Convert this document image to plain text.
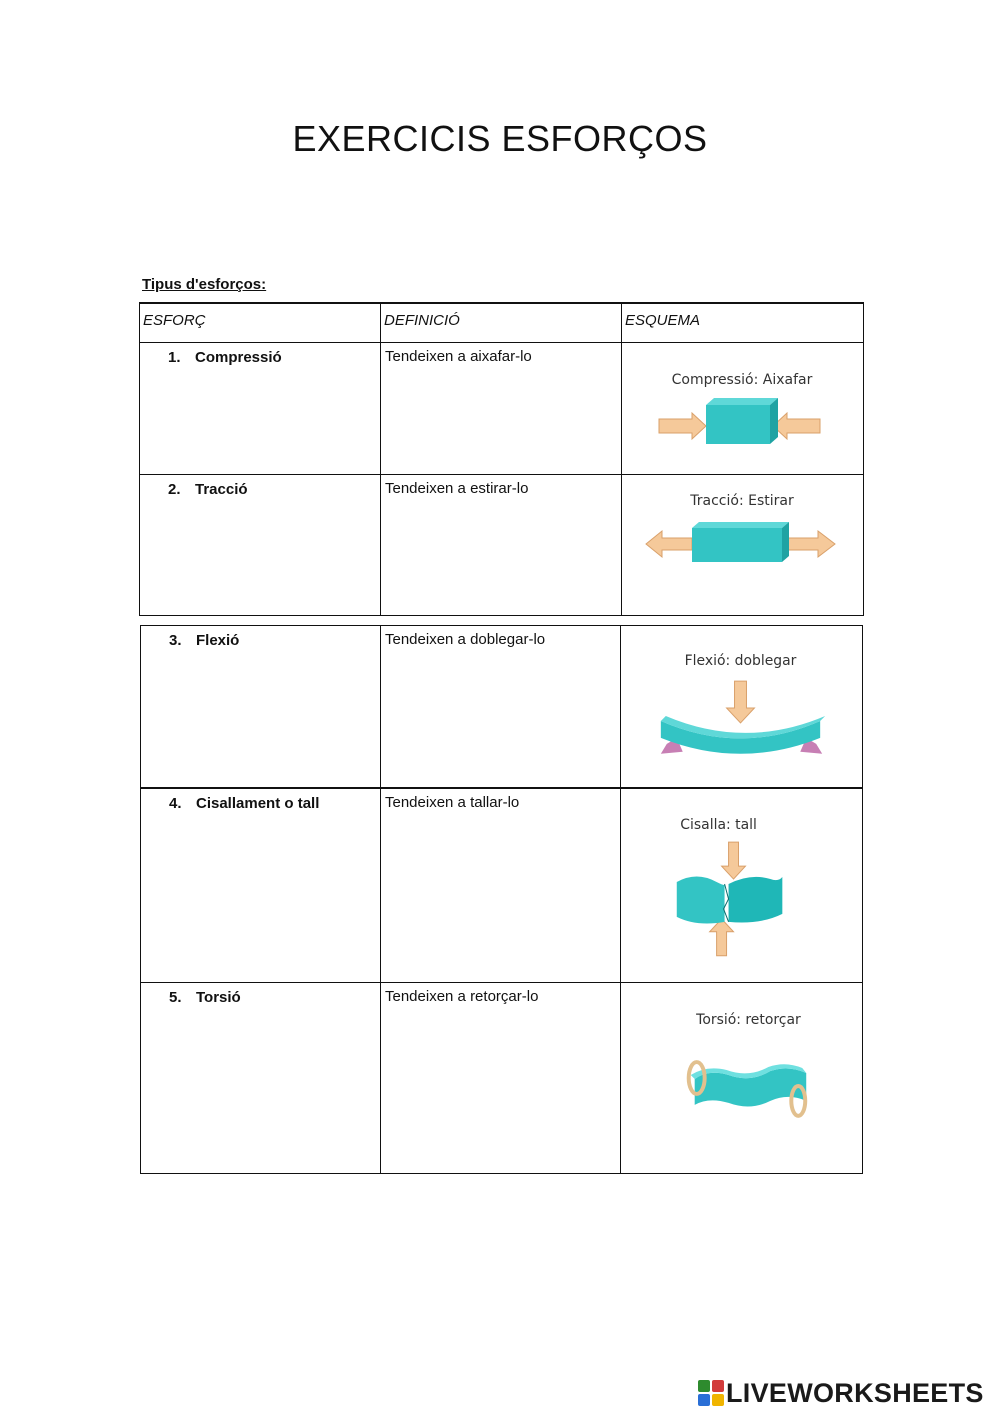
EXERCICIS ESFORÇOS
Tipus d'esforços:
ESFORÇ	DEFINICIÓ	ESQUEMA

1. Compressió	Tendeixen a aixafar-lo	Compressió: Aixafar

2. Tracció	Tendeixen a estirar-lo	Tracció: Estirar
3. Flexió	Tendeixen a doblegar-lo	Flexió: doblegar

4. Cisallament o tall	Tendeixen a tallar-lo	Cisalla: tall

5. Torsió	Tendeixen a retorçar-lo	Torsió: retorçar
LIVEWORKSHEETS
